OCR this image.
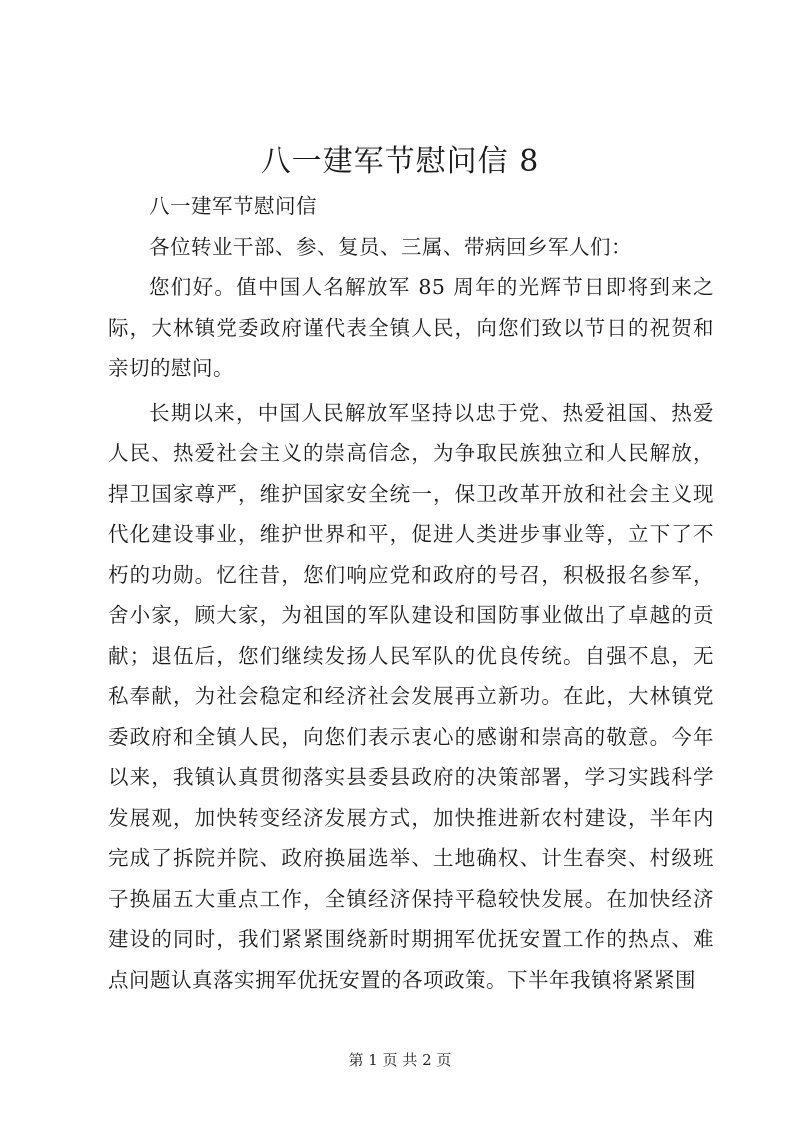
八一建军节慰问信 8

八一建军节慰问信

各位转业干部、参、复员、三属、带病回乡军人们：

您们好。值中国人名解放军 85 周年的光辉节日即将到来之际，大林镇党委政府谨代表全镇人民，向您们致以节日的祝贺和亲切的慰问。

长期以来，中国人民解放军坚持以忠于党、热爱祖国、热爱人民、热爱社会主义的崇高信念，为争取民族独立和人民解放，捍卫国家尊严，维护国家安全统一，保卫改革开放和社会主义现代化建设事业，维护世界和平，促进人类进步事业等，立下了不朽的功勋。忆往昔，您们响应党和政府的号召，积极报名参军，舍小家，顾大家，为祖国的军队建设和国防事业做出了卓越的贡献；退伍后，您们继续发扬人民军队的优良传统。自强不息，无私奉献，为社会稳定和经济社会发展再立新功。在此，大林镇党委政府和全镇人民，向您们表示衷心的感谢和崇高的敬意。今年以来，我镇认真贯彻落实县委县政府的决策部署，学习实践科学发展观，加快转变经济发展方式，加快推进新农村建设，半年内完成了拆院并院、政府换届选举、土地确权、计生春突、村级班子换届五大重点工作，全镇经济保持平稳较快发展。在加快经济建设的同时，我们紧紧围绕新时期拥军优抚安置工作的热点、难点问题认真落实拥军优抚安置的各项政策。下半年我镇将紧紧围

第 1 页 共 2 页
